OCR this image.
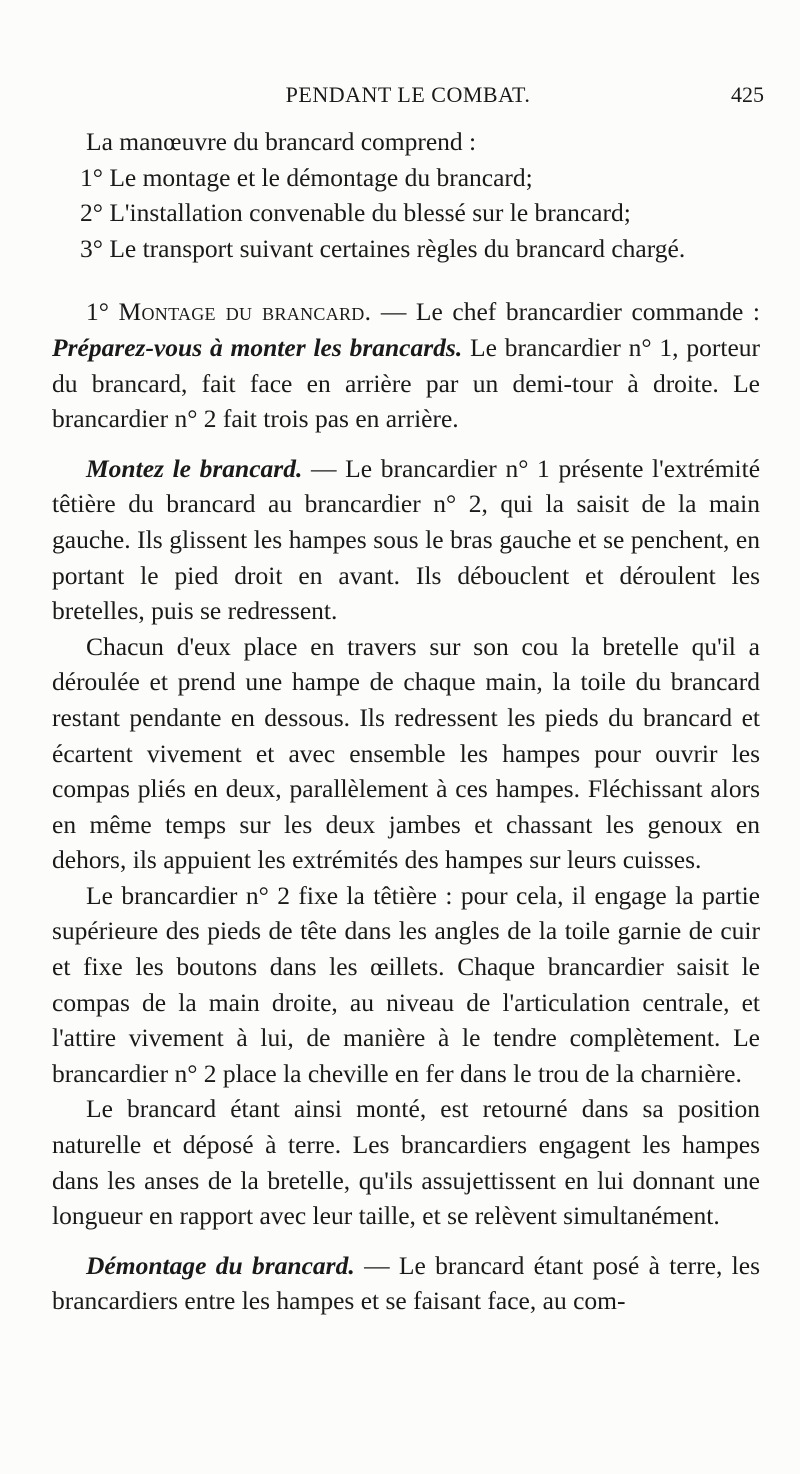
PENDANT LE COMBAT.	425

La manœuvre du brancard comprend :

1° Le montage et le démontage du brancard;

2° L'installation convenable du blessé sur le brancard;

3° Le transport suivant certaines règles du brancard chargé.

1° Montage du brancard. — Le chef brancardier commande : Préparez-vous à monter les brancards. Le brancardier n° 1, porteur du brancard, fait face en arrière par un demi-tour à droite. Le brancardier n° 2 fait trois pas en arrière.

Montez le brancard. — Le brancardier n° 1 présente l'extrémité têtière du brancard au brancardier n° 2, qui la saisit de la main gauche. Ils glissent les hampes sous le bras gauche et se penchent, en portant le pied droit en avant. Ils débouclent et déroulent les bretelles, puis se redressent.

Chacun d'eux place en travers sur son cou la bretelle qu'il a déroulée et prend une hampe de chaque main, la toile du brancard restant pendante en dessous. Ils redressent les pieds du brancard et écartent vivement et avec ensemble les hampes pour ouvrir les compas pliés en deux, parallèlement à ces hampes. Fléchissant alors en même temps sur les deux jambes et chassant les genoux en dehors, ils appuient les extrémités des hampes sur leurs cuisses.

Le brancardier n° 2 fixe la têtière : pour cela, il engage la partie supérieure des pieds de tête dans les angles de la toile garnie de cuir et fixe les boutons dans les œillets. Chaque brancardier saisit le compas de la main droite, au niveau de l'articulation centrale, et l'attire vivement à lui, de manière à le tendre complètement. Le brancardier n° 2 place la cheville en fer dans le trou de la charnière.

Le brancard étant ainsi monté, est retourné dans sa position naturelle et déposé à terre. Les brancardiers engagent les hampes dans les anses de la bretelle, qu'ils assujettissent en lui donnant une longueur en rapport avec leur taille, et se relèvent simultanément.

Démontage du brancard. — Le brancard étant posé à terre, les brancardiers entre les hampes et se faisant face, au com-
